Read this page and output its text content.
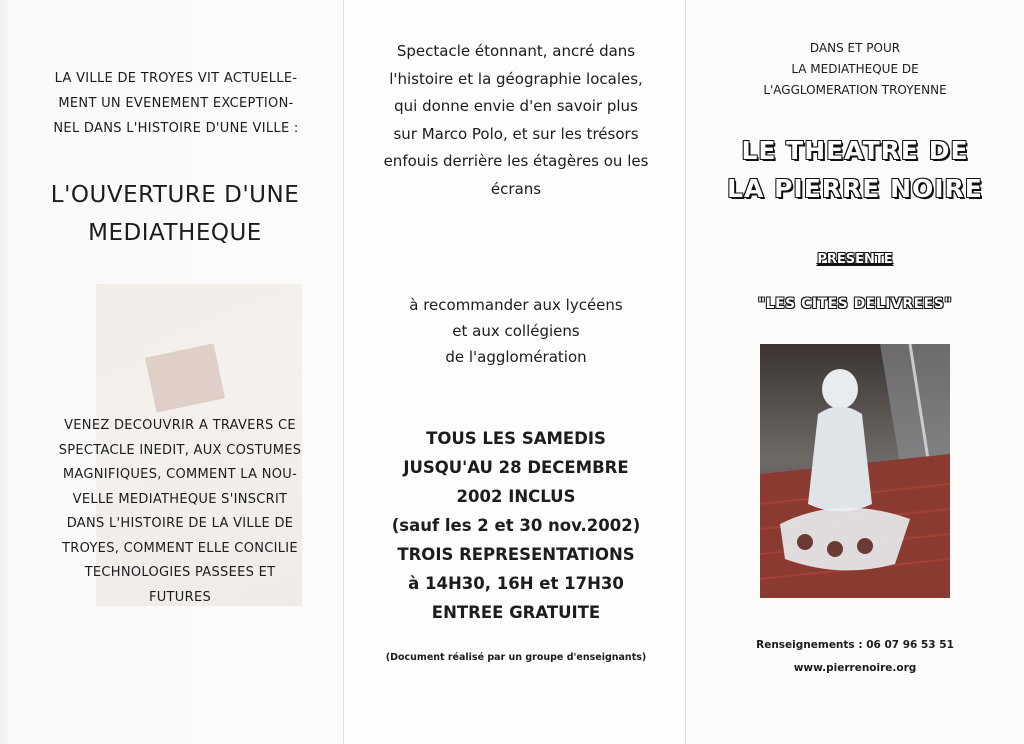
LA VILLE DE TROYES VIT ACTUELLE-
MENT UN EVENEMENT EXCEPTION-
NEL DANS L'HISTOIRE D'UNE VILLE :
L'OUVERTURE D'UNE
MEDIATHEQUE
VENEZ DECOUVRIR A TRAVERS CE
SPECTACLE INEDIT, AUX COSTUMES
MAGNIFIQUES, COMMENT LA NOU-
VELLE MEDIATHEQUE S'INSCRIT
DANS L'HISTOIRE DE LA VILLE DE
TROYES, COMMENT ELLE CONCILIE
TECHNOLOGIES PASSEES ET
FUTURES
Spectacle étonnant, ancré dans
l'histoire et la géographie locales,
qui donne envie d'en savoir plus
sur Marco Polo, et sur les trésors
enfouis derrière les étagères ou les
écrans
à recommander aux lycéens
et aux collégiens
de l'agglomération
TOUS LES SAMEDIS
JUSQU'AU 28 DECEMBRE
2002 INCLUS
(sauf les 2 et 30 nov.2002)
TROIS REPRESENTATIONS
à 14H30, 16H et 17H30
ENTREE GRATUITE
(Document réalisé par un groupe d'enseignants)
DANS ET POUR
LA MEDIATHEQUE DE
L'AGGLOMERATION TROYENNE
LE THEATRE DE
LA PIERRE NOIRE
PRESENTE
"LES CITES DELIVREES"
Renseignements : 06 07 96 53 51
www.pierrenoire.org
